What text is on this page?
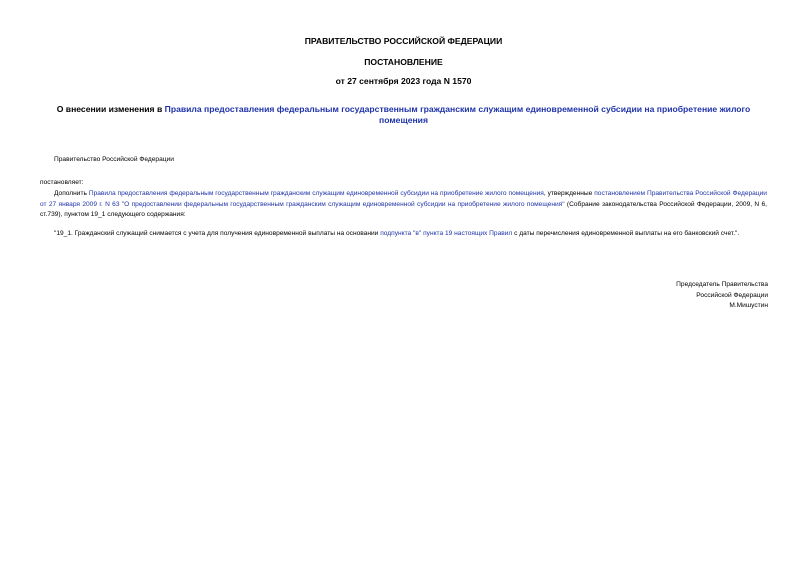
ПРАВИТЕЛЬСТВО РОССИЙСКОЙ ФЕДЕРАЦИИ
ПОСТАНОВЛЕНИЕ
от 27 сентября 2023 года N 1570
О внесении изменения в Правила предоставления федеральным государственным гражданским служащим единовременной субсидии на приобретение жилого помещения
Правительство Российской Федерации
постановляет:
Дополнить Правила предоставления федеральным государственным гражданским служащим единовременной субсидии на приобретение жилого помещения, утвержденные постановлением Правительства Российской Федерации от 27 января 2009 г. N 63 "О предоставлении федеральным государственным гражданским служащим единовременной субсидии на приобретение жилого помещения" (Собрание законодательства Российской Федерации, 2009, N 6, ст.739), пунктом 19_1 следующего содержания:
"19_1. Гражданский служащий снимается с учета для получения единовременной выплаты на основании подпункта "в" пункта 19 настоящих Правил с даты перечисления единовременной выплаты на его банковский счет.".
Председатель Правительства
Российской Федерации
М.Мишустин
